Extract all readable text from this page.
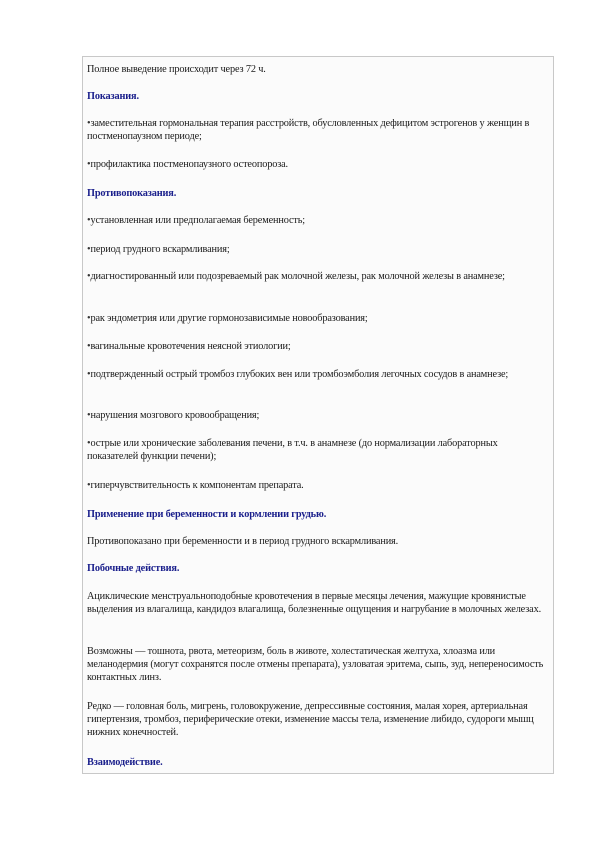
Полное выведение происходит через 72 ч.

Показания.

•заместительная гормональная терапия расстройств, обусловленных дефицитом эстрогенов у женщин в постменопаузном периоде;

•профилактика постменопаузного остеопороза.

Противопоказания.

•установленная или предполагаемая беременность;

•период грудного вскармливания;

•диагностированный или подозреваемый рак молочной железы, рак молочной железы в анамнезе;

•рак эндометрия или другие гормонозависимые новообразования;

•вагинальные кровотечения неясной этиологии;

•подтвержденный острый тромбоз глубоких вен или тромбоэмболия легочных сосудов в анамнезе;

•нарушения мозгового кровообращения;

•острые или хронические заболевания печени, в т.ч. в анамнезе (до нормализации лабораторных показателей функции печени);

•гиперчувствительность к компонентам препарата.

Применение при беременности и кормлении грудью.

Противопоказано при беременности и в период грудного вскармливания.

Побочные действия.

Ациклические менструальноподобные кровотечения в первые месяцы лечения, мажущие кровянистые выделения из влагалища, кандидоз влагалища, болезненные ощущения и нагрубание в молочных железах.

Возможны — тошнота, рвота, метеоризм, боль в животе, холестатическая желтуха, хлоазма или меланодермия (могут сохранятся после отмены препарата), узловатая эритема, сыпь, зуд, непереносимость контактных линз.

Редко — головная боль, мигрень, головокружение, депрессивные состояния, малая хорея, артериальная гипертензия, тромбоз, периферические отеки, изменение массы тела, изменение либидо, судороги мышц нижних конечностей.

Взаимодействие.
